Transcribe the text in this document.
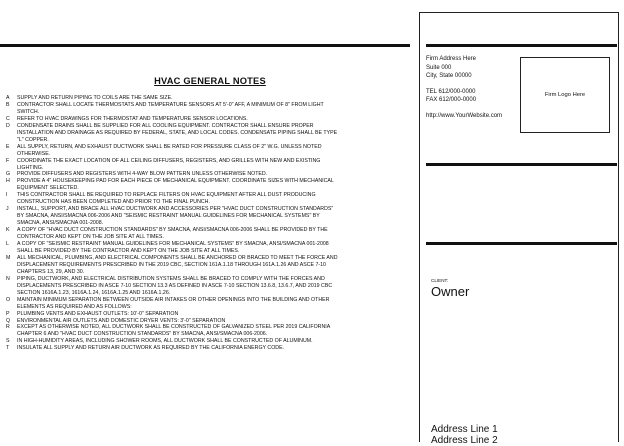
HVAC GENERAL NOTES
A	SUPPLY AND RETURN PIPING TO COILS ARE THE SAME SIZE.
B	CONTRACTOR SHALL LOCATE THERMOSTATS AND TEMPERATURE SENSORS AT 5'-0" AFF, A MINIMUM OF 8" FROM LIGHT
SWITCH.
C	REFER TO HVAC DRAWINGS FOR THERMOSTAT AND TEMPERATURE SENSOR LOCATIONS.
D	CONDENSATE DRAINS SHALL BE SUPPLIED FOR ALL COOLING EQUIPMENT. CONTRACTOR SHALL ENSURE PROPER
INSTALLATION AND DRAINAGE AS REQUIRED BY FEDERAL, STATE, AND LOCAL CODES. CONDENSATE PIPING SHALL BE TYPE
"L" COPPER.
E	ALL SUPPLY, RETURN, AND EXHAUST DUCTWORK SHALL BE RATED FOR PRESSURE CLASS OF 2" W.G. UNLESS NOTED
OTHERWISE.
F	COORDINATE THE EXACT LOCATION OF ALL CEILING DIFFUSERS, REGISTERS, AND GRILLES WITH NEW AND EXISTING
LIGHTING.
G	PROVIDE DIFFUSERS AND REGISTERS WITH 4-WAY BLOW PATTERN UNLESS OTHERWISE NOTED.
H	PROVIDE A 4" HOUSEKEEPING PAD FOR EACH PIECE OF MECHANICAL EQUIPMENT. COORDINATE SIZES WITH MECHANICAL
EQUIPMENT SELECTED.
I	THIS CONTRACTOR SHALL BE REQUIRED TO REPLACE FILTERS ON HVAC EQUIPMENT AFTER ALL DUST PRODUCING
CONSTRUCTION HAS BEEN COMPLETED AND PRIOR TO THE FINAL PUNCH.
J	INSTALL, SUPPORT, AND BRACE ALL HVAC DUCTWORK AND ACCESSORIES PER "HVAC DUCT CONSTRUCTION STANDARDS"
BY SMACNA, ANSI/SMACNA 006-2006 AND "SEISMIC RESTRAINT MANUAL GUIDELINES FOR MECHANICAL SYSTEMS" BY
SMACNA, ANSI/SMACNA 001-2008.
K	A COPY OF "HVAC DUCT CONSTRUCTION STANDARDS" BY SMACNA, ANSI/SMACNA 006-2006 SHALL BE PROVIDED BY THE
CONTRACTOR AND KEPT ON THE JOB SITE AT ALL TIMES.
L	A COPY OF "SEISMIC RESTRAINT MANUAL GUIDELINES FOR MECHANICAL SYSTEMS" BY SMACNA, ANSI/SMACNA 001-2008
SHALL BE PROVIDED BY THE CONTRACTOR AND KEPT ON THE JOB SITE AT ALL TIMES.
M	ALL MECHANICAL, PLUMBING, AND ELECTRICAL COMPONENTS SHALL BE ANCHORED OR BRACED TO MEET THE FORCE AND
DISPLACEMENT REQUIREMENTS PRESCRIBED IN THE 2019 CBC, SECTION 161A.1.18 THROUGH 161A.1.26 AND ASCE 7-10
CHAPTERS 13, 29, AND 30.
N	PIPING, DUCTWORK, AND ELECTRICAL DISTRIBUTION SYSTEMS SHALL BE BRACED TO COMPLY WITH THE FORCES AND
DISPLACEMENTS PRESCRIBED IN ASCE 7-10 SECTION 13.3 AS DEFINED IN ASCE 7-10 SECTION 13.6.8, 13.6.7, AND 2019 CBC
SECTION 1616A.1.23, 1616A.1.24, 1616A.1.25 AND 1616A.1.26.
O	MAINTAIN MINIMUM SEPARATION BETWEEN OUTSIDE AIR INTAKES OR OTHER OPENINGS INTO THE BUILDING AND OTHER
ELEMENTS AS REQUIRED AND AS FOLLOWS:
P	PLUMBING VENTS AND EXHAUST OUTLETS: 10'-0" SEPARATION
Q	ENVIRONMENTAL AIR OUTLETS AND DOMESTIC DRYER VENTS: 3'-0" SEPARATION
R	EXCEPT AS OTHERWISE NOTED, ALL DUCTWORK SHALL BE CONSTRUCTED OF GALVANIZED STEEL PER 2019 CALIFORNIA
CHAPTER 6 AND "HVAC DUCT CONSTRUCTION STANDARDS" BY SMACNA, ANSI/SMACNA 006-2006.
S	IN HIGH-HUMIDITY AREAS, INCLUDING SHOWER ROOMS, ALL DUCTWORK SHALL BE CONSTRUCTED OF ALUMINUM.
T	INSULATE ALL SUPPLY AND RETURN AIR DUCTWORK AS REQUIRED BY THE CALIFORNIA ENERGY CODE.
Firm Address Here
Suite 000
City, State 00000
TEL 612/000-0000
FAX 612/000-0000
http://www.YourWebsite.com
Firm Logo Here
CLIENT:
Owner
Address Line 1
Address Line 2
